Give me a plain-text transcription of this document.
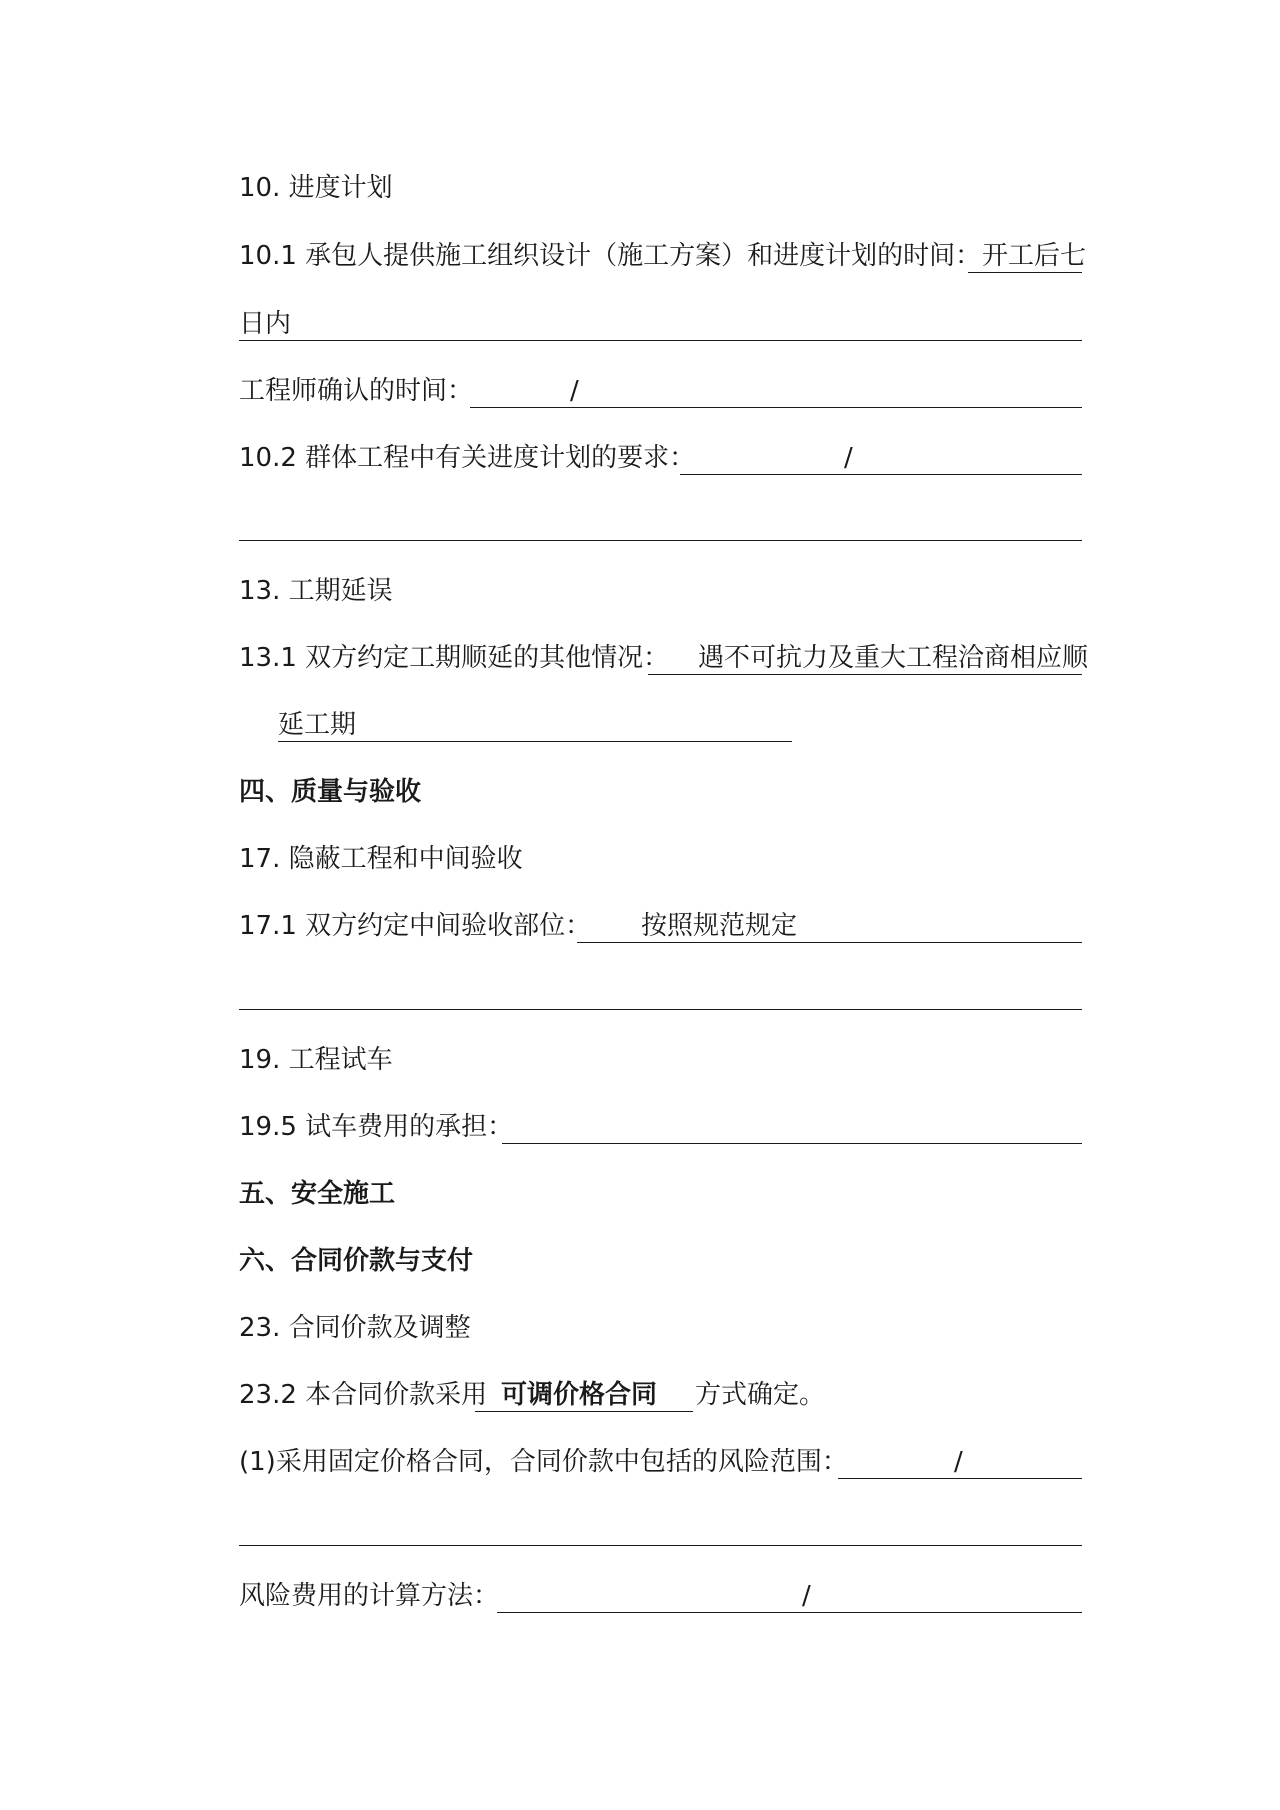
10. 进度计划
10.1 承包人提供施工组织设计（施工方案）和进度计划的时间： 开工后七
日内
工程师确认的时间：	/
10.2 群体工程中有关进度计划的要求：	/
13. 工期延误
13.1 双方约定工期顺延的其他情况： 遇不可抗力及重大工程洽商相应顺
延工期
四、质量与验收
17. 隐蔽工程和中间验收
17.1 双方约定中间验收部位： 按照规范规定
19. 工程试车
19.5 试车费用的承担：
五、安全施工
六、合同价款与支付
23. 合同价款及调整
23.2 本合同价款采用 可调价格合同 方式确定。
(1)采用固定价格合同，合同价款中包括的风险范围：	/
风险费用的计算方法：	/
